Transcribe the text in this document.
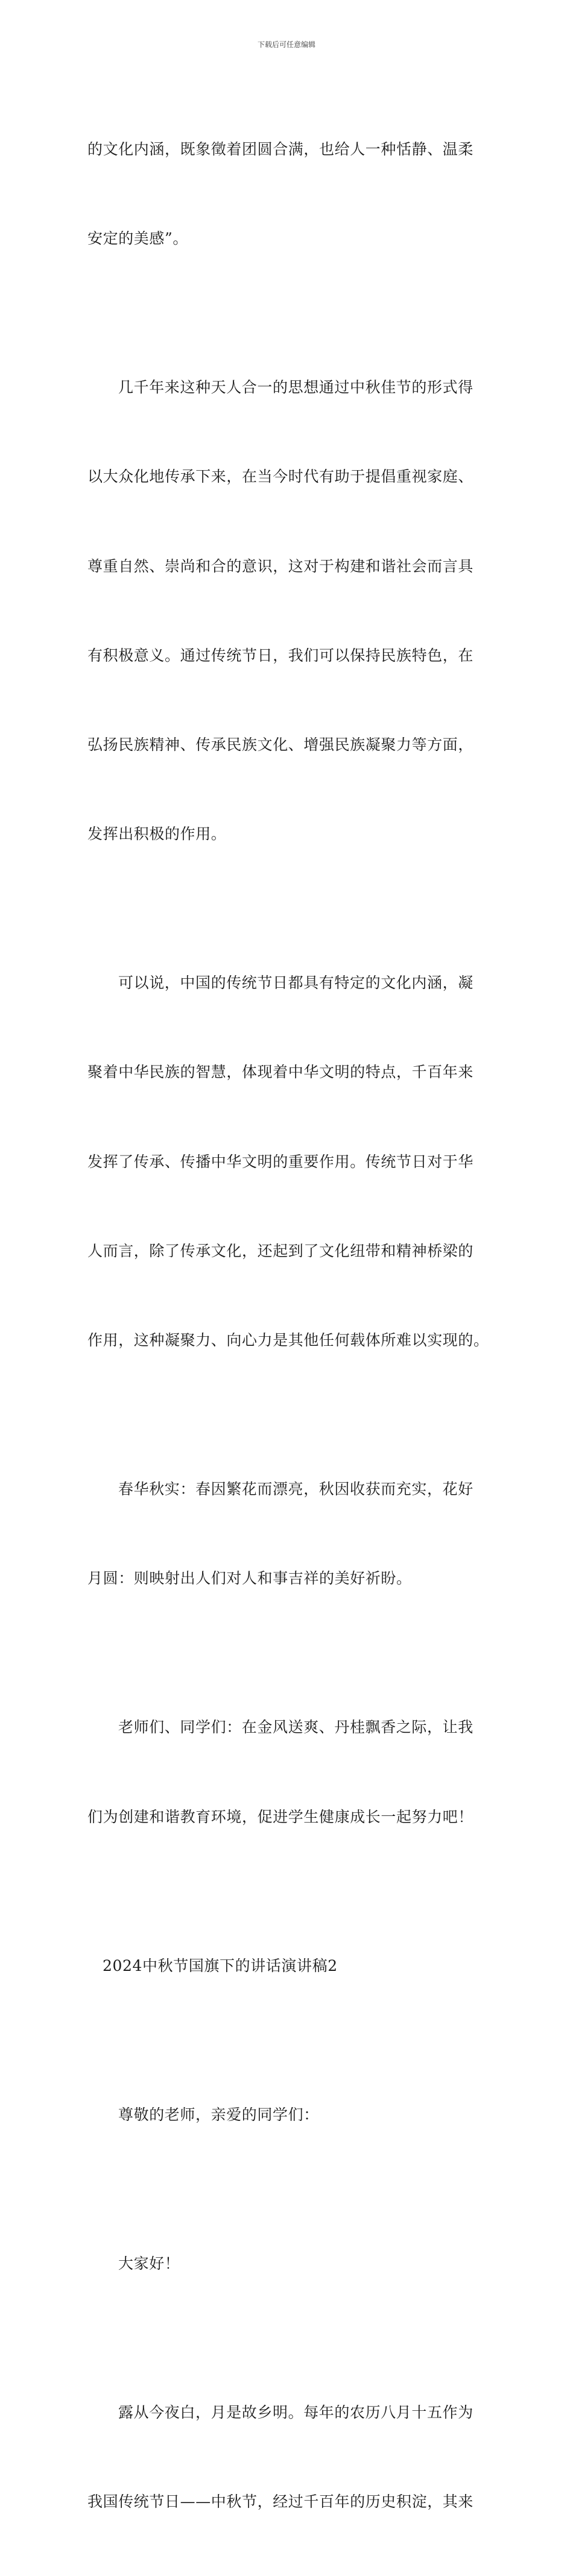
下载后可任意编辑

的文化内涵，既象徵着团圆合满，也给人一种恬静、温柔

安定的美感”。

几千年来这种天人合一的思想通过中秋佳节的形式得

以大众化地传承下来，在当今时代有助于提倡重视家庭、

尊重自然、崇尚和合的意识，这对于构建和谐社会而言具

有积极意义。通过传统节日，我们可以保持民族特色，在

弘扬民族精神、传承民族文化、增强民族凝聚力等方面，

发挥出积极的作用。

可以说，中国的传统节日都具有特定的文化内涵，凝

聚着中华民族的智慧，体现着中华文明的特点，千百年来

发挥了传承、传播中华文明的重要作用。传统节日对于华

人而言，除了传承文化，还起到了文化纽带和精神桥梁的

作用，这种凝聚力、向心力是其他任何载体所难以实现的。

春华秋实：春因繁花而漂亮，秋因收获而充实，花好

月圆：则映射出人们对人和事吉祥的美好祈盼。

老师们、同学们：在金风送爽、丹桂飘香之际，让我

们为创建和谐教育环境，促进学生健康成长一起努力吧！

2024中秋节国旗下的讲话演讲稿2

尊敬的老师，亲爱的同学们：

大家好！

露从今夜白，月是故乡明。每年的农历八月十五作为

我国传统节日——中秋节，经过千百年的历史积淀，其来
